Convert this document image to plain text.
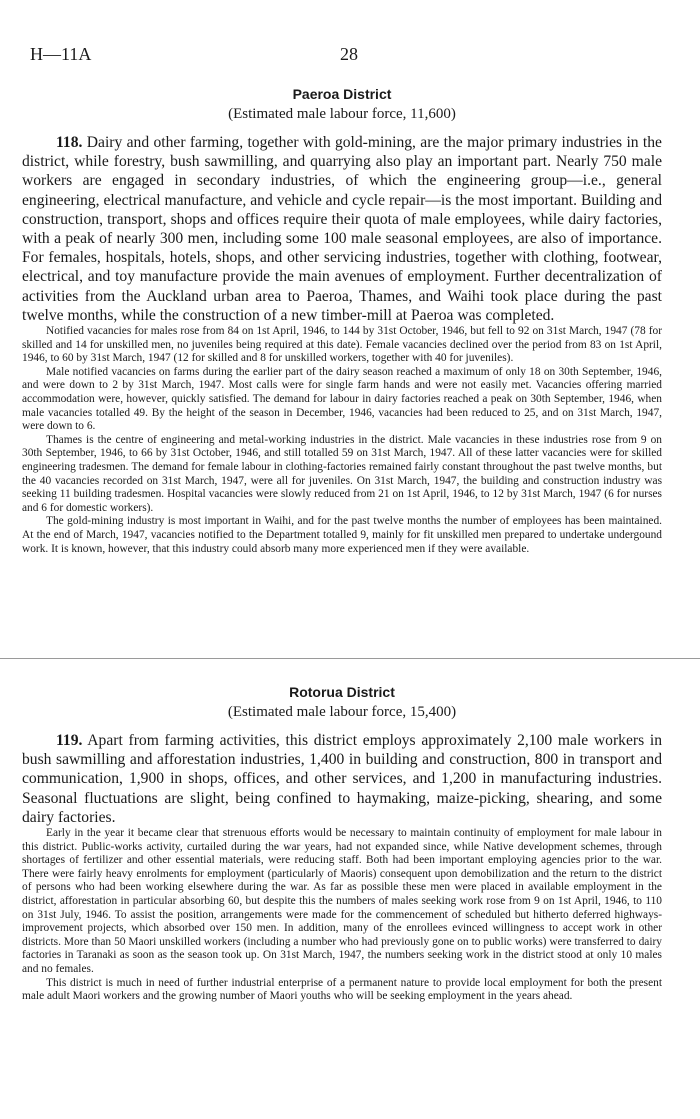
H—11A	28
Paeroa District
(Estimated male labour force, 11,600)

118. Dairy and other farming, together with gold-mining, are the major primary industries in the district, while forestry, bush sawmilling, and quarrying also play an important part. Nearly 750 male workers are engaged in secondary industries, of which the engineering group—i.e., general engineering, electrical manufacture, and vehicle and cycle repair—is the most important. Building and construction, transport, shops and offices require their quota of male employees, while dairy factories, with a peak of nearly 300 men, including some 100 male seasonal employees, are also of importance. For females, hospitals, hotels, shops, and other servicing industries, together with clothing, footwear, electrical, and toy manufacture provide the main avenues of employment. Further decentralization of activities from the Auckland urban area to Paeroa, Thames, and Waihi took place during the past twelve months, while the construction of a new timber-mill at Paeroa was completed.

Notified vacancies for males rose from 84 on 1st April, 1946, to 144 by 31st October, 1946, but fell to 92 on 31st March, 1947 (78 for skilled and 14 for unskilled men, no juveniles being required at this date). Female vacancies declined over the period from 83 on 1st April, 1946, to 60 by 31st March, 1947 (12 for skilled and 8 for unskilled workers, together with 40 for juveniles).

Male notified vacancies on farms during the earlier part of the dairy season reached a maximum of only 18 on 30th September, 1946, and were down to 2 by 31st March, 1947. Most calls were for single farm hands and were not easily met. Vacancies offering married accommodation were, however, quickly satisfied. The demand for labour in dairy factories reached a peak on 30th September, 1946, when male vacancies totalled 49. By the height of the season in December, 1946, vacancies had been reduced to 25, and on 31st March, 1947, were down to 6.

Thames is the centre of engineering and metal-working industries in the district. Male vacancies in these industries rose from 9 on 30th September, 1946, to 66 by 31st October, 1946, and still totalled 59 on 31st March, 1947. All of these latter vacancies were for skilled engineering tradesmen. The demand for female labour in clothing-factories remained fairly constant throughout the past twelve months, but the 40 vacancies recorded on 31st March, 1947, were all for juveniles. On 31st March, 1947, the building and construction industry was seeking 11 building tradesmen. Hospital vacancies were slowly reduced from 21 on 1st April, 1946, to 12 by 31st March, 1947 (6 for nurses and 6 for domestic workers).

The gold-mining industry is most important in Waihi, and for the past twelve months the number of employees has been maintained. At the end of March, 1947, vacancies notified to the Department totalled 9, mainly for fit unskilled men prepared to undertake undergound work. It is known, however, that this industry could absorb many more experienced men if they were available.

Rotorua District
(Estimated male labour force, 15,400)

119. Apart from farming activities, this district employs approximately 2,100 male workers in bush sawmilling and afforestation industries, 1,400 in building and construction, 800 in transport and communication, 1,900 in shops, offices, and other services, and 1,200 in manufacturing industries. Seasonal fluctuations are slight, being confined to haymaking, maize-picking, shearing, and some dairy factories.

Early in the year it became clear that strenuous efforts would be necessary to maintain continuity of employment for male labour in this district. Public-works activity, curtailed during the war years, had not expanded since, while Native development schemes, through shortages of fertilizer and other essential materials, were reducing staff. Both had been important employing agencies prior to the war. There were fairly heavy enrolments for employment (particularly of Maoris) consequent upon demobilization and the return to the district of persons who had been working elsewhere during the war. As far as possible these men were placed in available employment in the district, afforestation in particular absorbing 60, but despite this the numbers of males seeking work rose from 9 on 1st April, 1946, to 110 on 31st July, 1946. To assist the position, arrangements were made for the commencement of scheduled but hitherto deferred highways-improvement projects, which absorbed over 150 men. In addition, many of the enrollees evinced willingness to accept work in other districts. More than 50 Maori unskilled workers (including a number who had previously gone on to public works) were transferred to dairy factories in Taranaki as soon as the season took up. On 31st March, 1947, the numbers seeking work in the district stood at only 10 males and no females.

This district is much in need of further industrial enterprise of a permanent nature to provide local employment for both the present male adult Maori workers and the growing number of Maori youths who will be seeking employment in the years ahead.
